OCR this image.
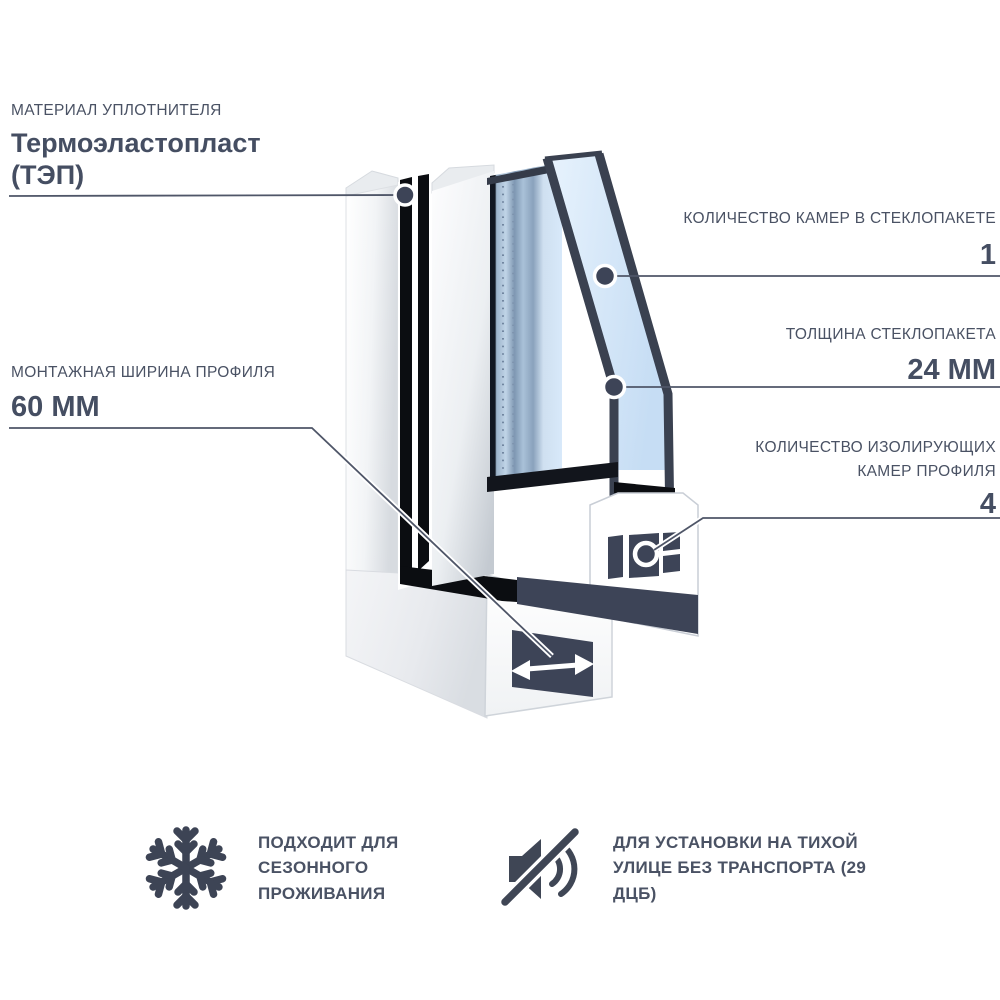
МАТЕРИАЛ УПЛОТНИТЕЛЯ
Термоэластопласт (ТЭП)
КОЛИЧЕСТВО КАМЕР В СТЕКЛОПАКЕТЕ
1
ТОЛЩИНА СТЕКЛОПАКЕТА
24 ММ
МОНТАЖНАЯ ШИРИНА ПРОФИЛЯ
60 ММ
КОЛИЧЕСТВО ИЗОЛИРУЮЩИХ КАМЕР ПРОФИЛЯ
4
ПОДХОДИТ ДЛЯ СЕЗОННОГО ПРОЖИВАНИЯ
ДЛЯ УСТАНОВКИ НА ТИХОЙ УЛИЦЕ БЕЗ ТРАНСПОРТА (29 ДЦБ)
